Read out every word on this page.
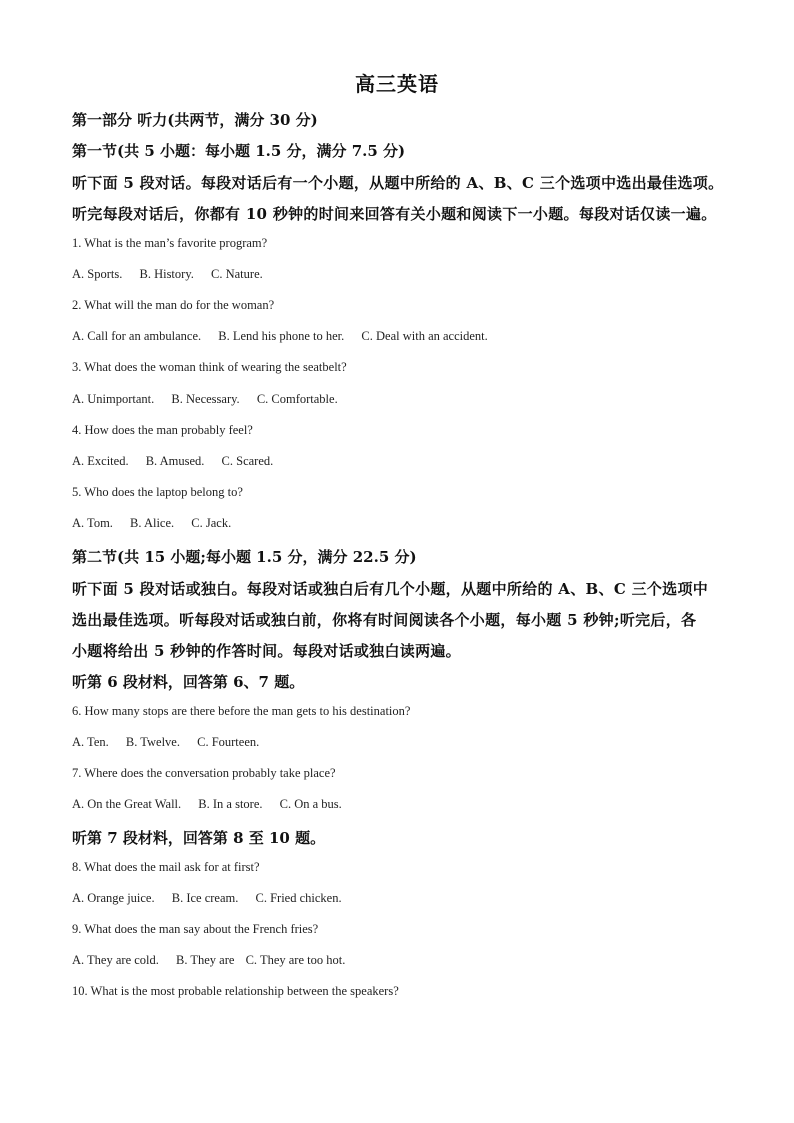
高三英语
第一部分 听力(共两节，满分 30 分)
第一节(共 5 小题：每小题 1.5 分，满分 7.5 分)
听下面 5 段对话。每段对话后有一个小题，从题中所给的 A、B、C 三个选项中选出最佳选项。
听完每段对话后，你都有 10 秒钟的时间来回答有关小题和阅读下一小题。每段对话仅读一遍。
1. What is the man’s favorite program?
A. Sports. B. History. C. Nature.
2. What will the man do for the woman?
A. Call for an ambulance. B. Lend his phone to her. C. Deal with an accident.
3. What does the woman think of wearing the seatbelt?
A. Unimportant. B. Necessary. C. Comfortable.
4. How does the man probably feel?
A. Excited. B. Amused. C. Scared.
5. Who does the laptop belong to?
A. Tom. B. Alice. C. Jack.
第二节(共 15 小题;每小题 1.5 分，满分 22.5 分)
听下面 5 段对话或独白。每段对话或独白后有几个小题，从题中所给的 A、B、C 三个选项中
选出最佳选项。听每段对话或独白前，你将有时间阅读各个小题，每小题 5 秒钟;听完后，各
小题将给出 5 秒钟的作答时间。每段对话或独白读两遍。
听第 6 段材料，回答第 6、7 题。
6. How many stops are there before the man gets to his destination?
A. Ten. B. Twelve. C. Fourteen.
7. Where does the conversation probably take place?
A. On the Great Wall. B. In a store. C. On a bus.
听第 7 段材料，回答第 8 至 10 题。
8. What does the mail ask for at first?
A. Orange juice. B. Ice cream. C. Fried chicken.
9. What does the man say about the French fries?
A. They are cold. B. They are C. They are too hot.
10. What is the most probable relationship between the speakers?
